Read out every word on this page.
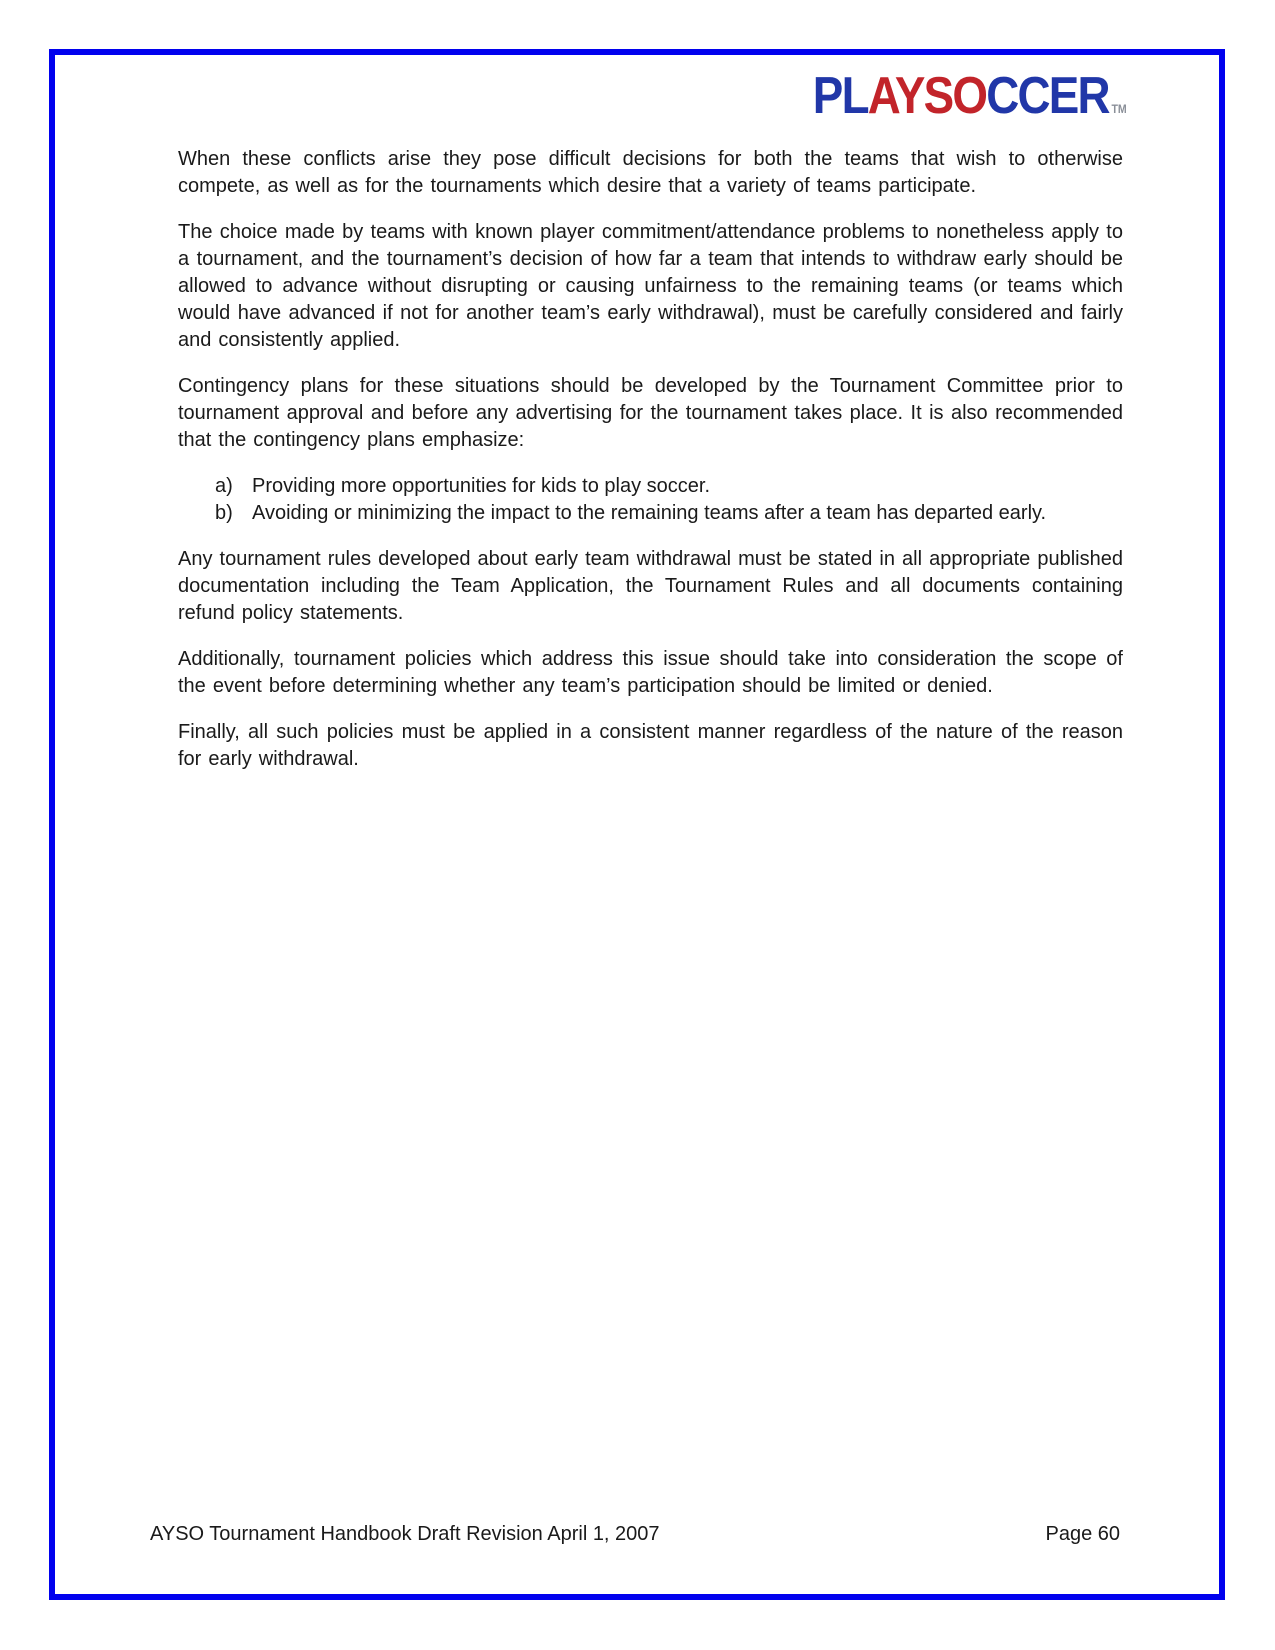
PLAYSOCCER TM

When these conflicts arise they pose difficult decisions for both the teams that wish to otherwise compete, as well as for the tournaments which desire that a variety of teams participate.

The choice made by teams with known player commitment/attendance problems to nonetheless apply to a tournament, and the tournament’s decision of how far a team that intends to withdraw early should be allowed to advance without disrupting or causing unfairness to the remaining teams (or teams which would have advanced if not for another team’s early withdrawal), must be carefully considered and fairly and consistently applied.

Contingency plans for these situations should be developed by the Tournament Committee prior to tournament approval and before any advertising for the tournament takes place. It is also recommended that the contingency plans emphasize:

a) Providing more opportunities for kids to play soccer.
b) Avoiding or minimizing the impact to the remaining teams after a team has departed early.

Any tournament rules developed about early team withdrawal must be stated in all appropriate published documentation including the Team Application, the Tournament Rules and all documents containing refund policy statements.

Additionally, tournament policies which address this issue should take into consideration the scope of the event before determining whether any team’s participation should be limited or denied.

Finally, all such policies must be applied in a consistent manner regardless of the nature of the reason for early withdrawal.

AYSO Tournament Handbook Draft Revision April 1, 2007	Page 60
